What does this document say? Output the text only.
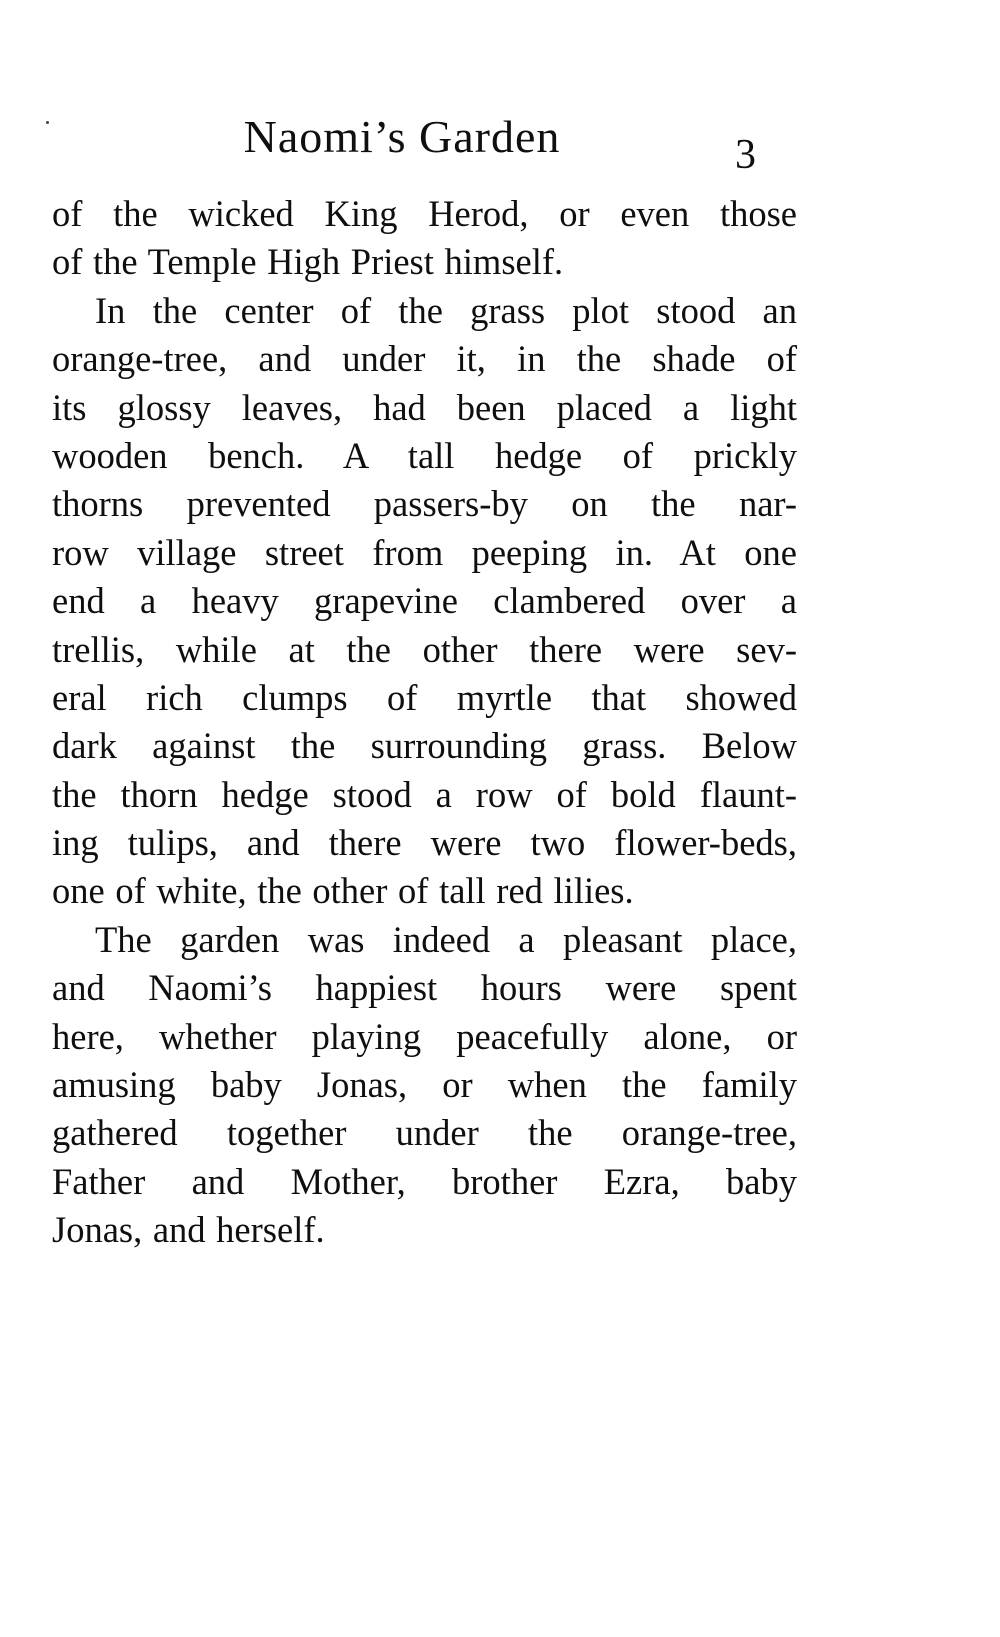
Naomi’s Garden	3
of the wicked King Herod, or even those
of the Temple High Priest himself.
In the center of the grass plot stood an
orange-tree, and under it, in the shade of
its glossy leaves, had been placed a light
wooden bench. A tall hedge of prickly
thorns prevented passers-by on the nar-
row village street from peeping in. At one
end a heavy grapevine clambered over a
trellis, while at the other there were sev-
eral rich clumps of myrtle that showed
dark against the surrounding grass. Below
the thorn hedge stood a row of bold flaunt-
ing tulips, and there were two flower-beds,
one of white, the other of tall red lilies.
The garden was indeed a pleasant place,
and Naomi’s happiest hours were spent
here, whether playing peacefully alone, or
amusing baby Jonas, or when the family
gathered together under the orange-tree,
Father and Mother, brother Ezra, baby
Jonas, and herself.
